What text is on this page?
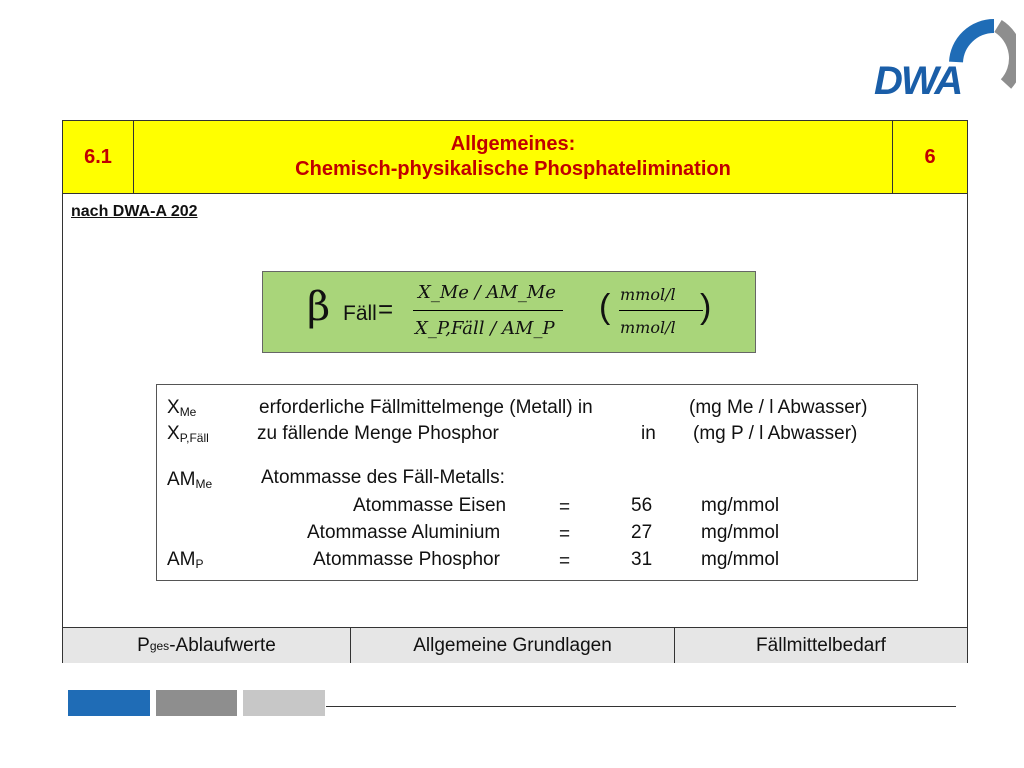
DWA
6.1
Allgemeines:
Chemisch-physikalische Phosphatelimination
6
nach DWA-A 202
β Fäll =
X_Me / AM_Me
X_P,Fäll / AM_P
( mmol/l
mmol/l
)
$X_{Me}$	erforderliche Fällmittelmenge (Metall) in	(mg Me / l Abwasser)
$X_{P,Fäll}$	zu fällende Menge Phosphor	in (mg P / l Abwasser)
$AM_{Me}$	Atommasse des Fäll-Metalls:
Atommasse Eisen	=	56	mg/mmol
Atommasse Aluminium	=	27	mg/mmol
$AM_P$	Atommasse Phosphor	=	31	mg/mmol
P ges -Ablaufwerte	Allgemeine Grundlagen	Fällmittelbedarf
